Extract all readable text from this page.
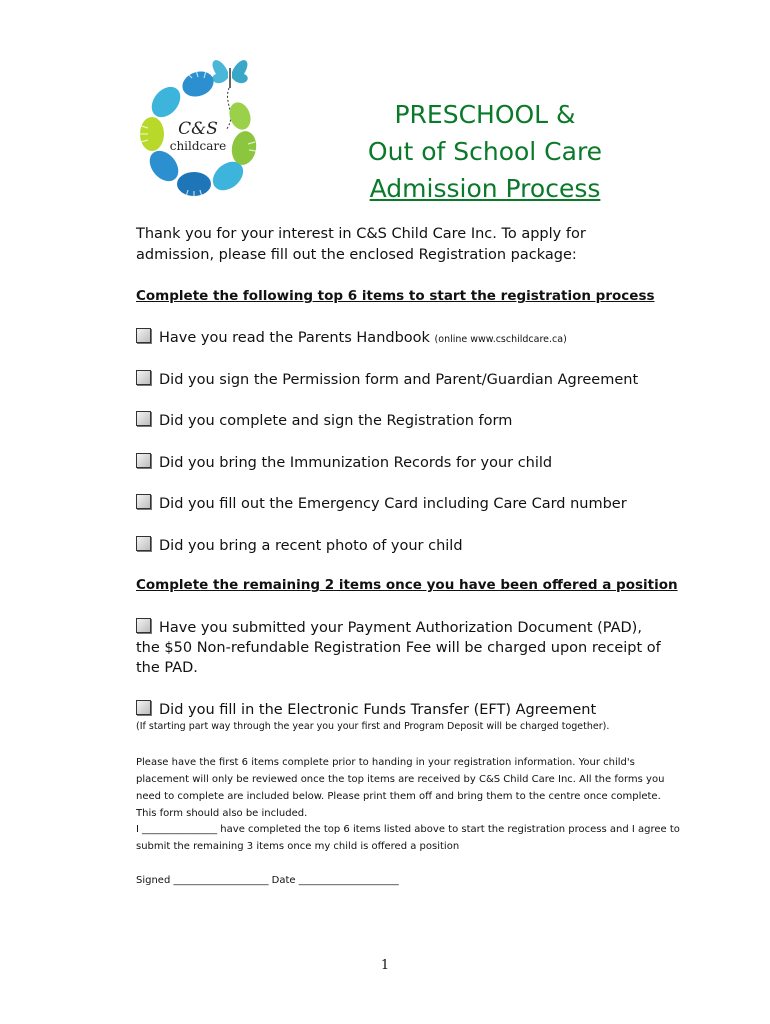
C&S
childcare
PRESCHOOL &
Out of School Care
Admission Process
Thank you for your interest in C&S Child Care Inc. To apply for admission, please fill out the enclosed Registration package:
Complete the following top 6 items to start the registration process
Have you read the Parents Handbook (online www.cschildcare.ca)
Did you sign the Permission form and Parent/Guardian Agreement
Did you complete and sign the Registration form
Did you bring the Immunization Records for your child
Did you fill out the Emergency Card including Care Card number
Did you bring a recent photo of your child
Complete the remaining 2 items once you have been offered a position
Have you submitted your Payment Authorization Document (PAD), the $50 Non-refundable Registration Fee will be charged upon receipt of the PAD.
Did you fill in the Electronic Funds Transfer (EFT) Agreement
(If starting part way through the year you your first and Program Deposit will be charged together).
Please have the first 6 items complete prior to handing in your registration information. Your child's placement will only be reviewed once the top items are received by C&S Child Care Inc. All the forms you need to complete are included below. Please print them off and bring them to the centre once complete. This form should also be included.
I _______________ have completed the top 6 items listed above to start the registration process and I agree to submit the remaining 3 items once my child is offered a position
Signed ___________________ Date ____________________
1
